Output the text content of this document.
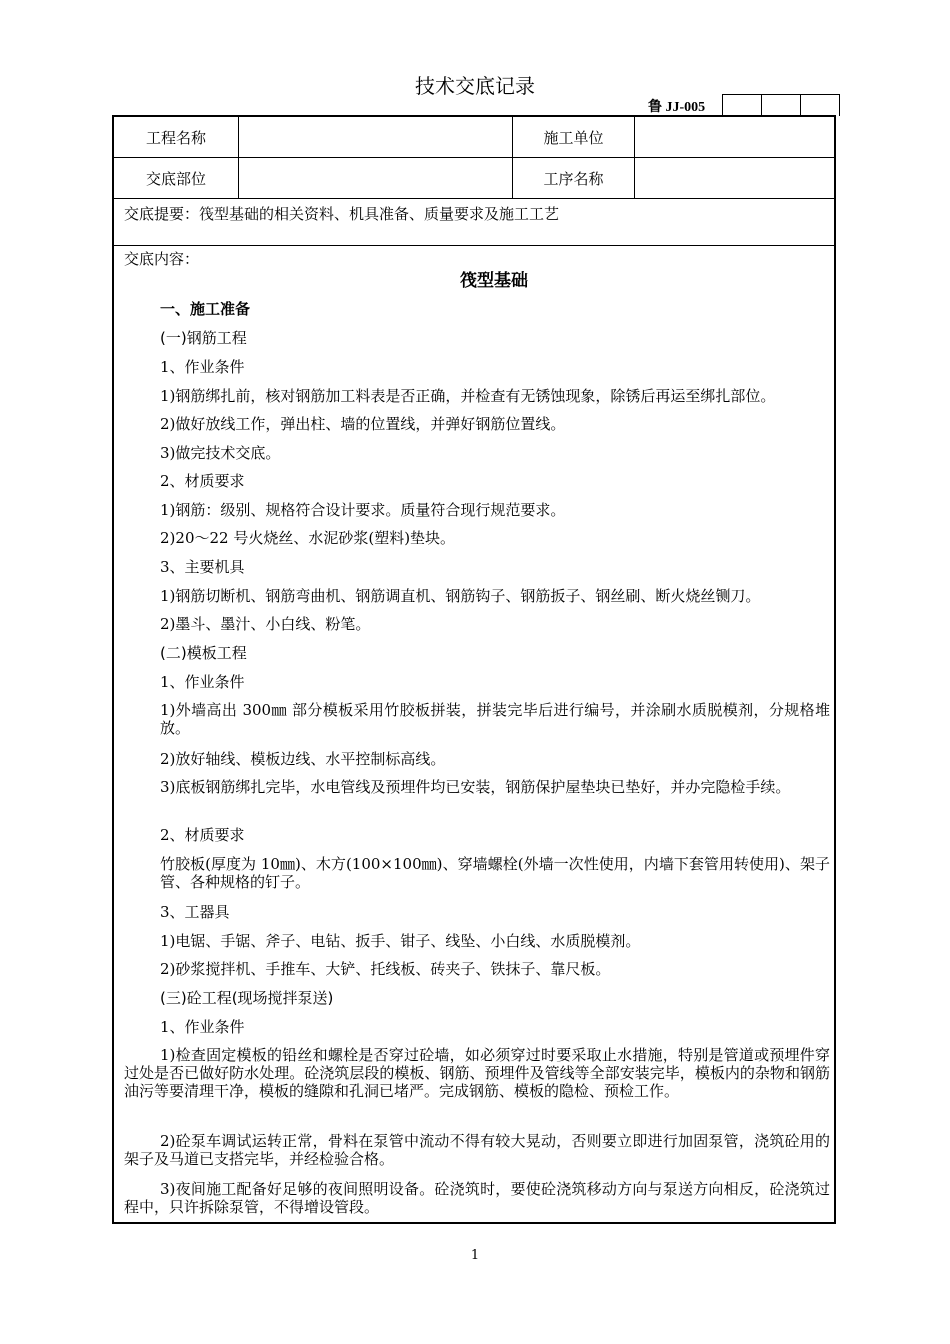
技术交底记录
鲁 JJ-005
工程名称	施工单位
交底部位	工序名称
交底提要：筏型基础的相关资料、机具准备、质量要求及施工工艺
交底内容：
筏型基础
一、施工准备
(一)钢筋工程
1、作业条件
1)钢筋绑扎前，核对钢筋加工料表是否正确，并检查有无锈蚀现象，除锈后再运至绑扎部位。
2)做好放线工作，弹出柱、墙的位置线，并弹好钢筋位置线。
3)做完技术交底。
2、材质要求
1)钢筋：级别、规格符合设计要求。质量符合现行规范要求。
2)20～22 号火烧丝、水泥砂浆(塑料)垫块。
3、主要机具
1)钢筋切断机、钢筋弯曲机、钢筋调直机、钢筋钩子、钢筋扳子、钢丝刷、断火烧丝铡刀。
2)墨斗、墨汁、小白线、粉笔。
(二)模板工程
1、作业条件
1)外墙高出 300㎜ 部分模板采用竹胶板拼装，拼装完毕后进行编号，并涂刷水质脱模剂，分规格堆放。
2)放好轴线、模板边线、水平控制标高线。
3)底板钢筋绑扎完毕，水电管线及预埋件均已安装，钢筋保护屋垫块已垫好，并办完隐检手续。
2、材质要求
竹胶板(厚度为 10㎜)、木方(100×100㎜)、穿墙螺栓(外墙一次性使用，内墙下套管用转使用)、架子管、各种规格的钉子。
3、工器具
1)电锯、手锯、斧子、电钻、扳手、钳子、线坠、小白线、水质脱模剂。
2)砂浆搅拌机、手推车、大铲、托线板、砖夹子、铁抹子、靠尺板。
(三)砼工程(现场搅拌泵送)
1、作业条件
1)检查固定模板的铅丝和螺栓是否穿过砼墙，如必须穿过时要采取止水措施，特别是管道或预埋件穿过处是否已做好防水处理。砼浇筑层段的模板、钢筋、预埋件及管线等全部安装完毕，模板内的杂物和钢筋油污等要清理干净，模板的缝隙和孔洞已堵严。完成钢筋、模板的隐检、预检工作。
2)砼泵车调试运转正常，骨料在泵管中流动不得有较大晃动，否则要立即进行加固泵管，浇筑砼用的架子及马道已支搭完毕，并经检验合格。
3)夜间施工配备好足够的夜间照明设备。砼浇筑时，要使砼浇筑移动方向与泵送方向相反，砼浇筑过程中，只许拆除泵管，不得增设管段。
1
